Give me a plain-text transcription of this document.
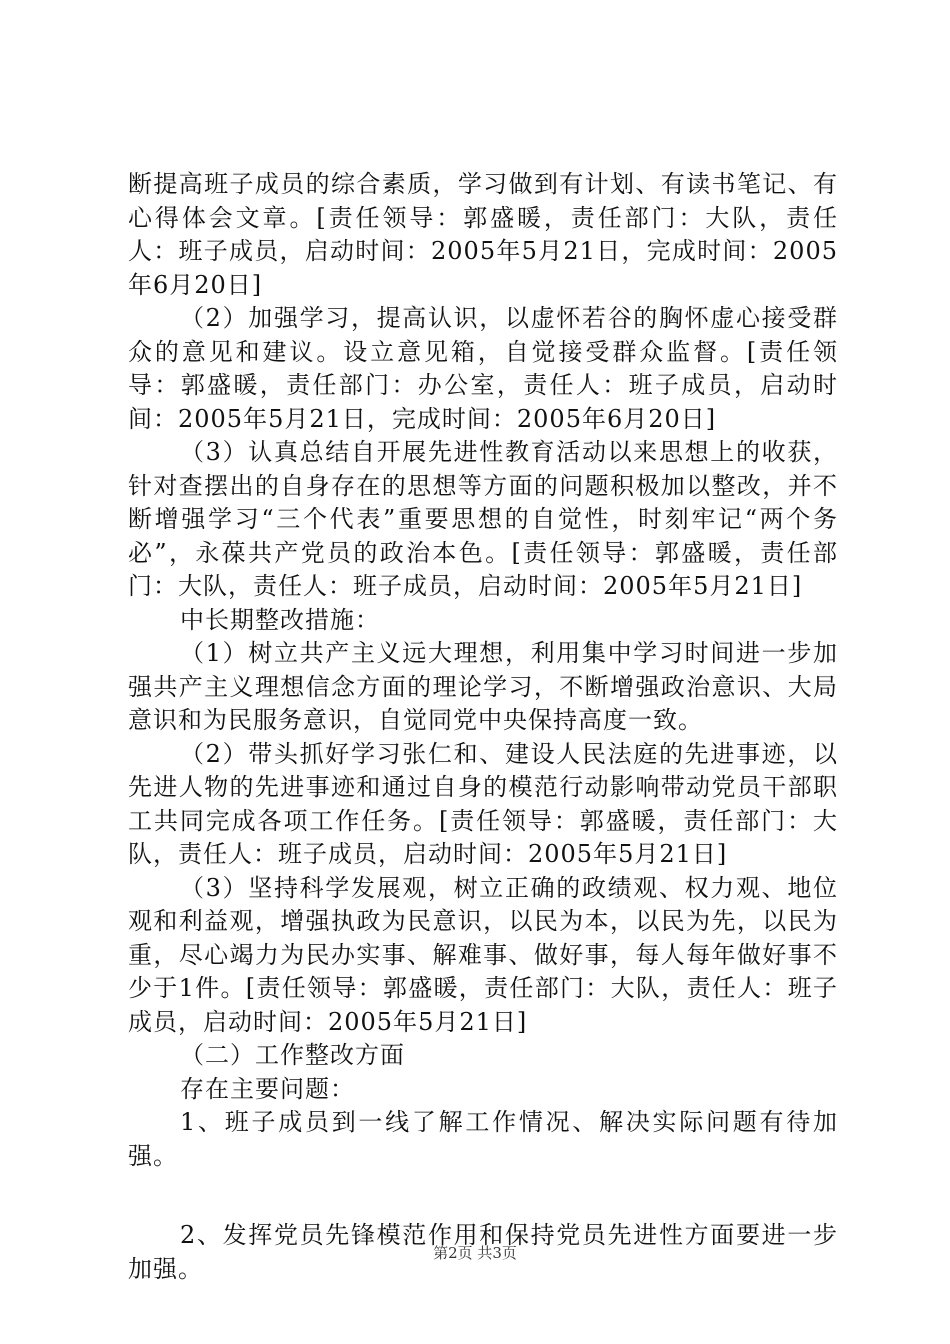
断提高班子成员的综合素质，学习做到有计划、有读书笔记、有心得体会文章。[责任领导：郭盛暖，责任部门：大队，责任人：班子成员，启动时间：2005年5月21日，完成时间：2005年6月20日]

（2）加强学习，提高认识，以虚怀若谷的胸怀虚心接受群众的意见和建议。设立意见箱，自觉接受群众监督。[责任领导：郭盛暖，责任部门：办公室，责任人：班子成员，启动时间：2005年5月21日，完成时间：2005年6月20日]

（3）认真总结自开展先进性教育活动以来思想上的收获，针对查摆出的自身存在的思想等方面的问题积极加以整改，并不断增强学习“三个代表”重要思想的自觉性，时刻牢记“两个务必”，永葆共产党员的政治本色。[责任领导：郭盛暖，责任部门：大队，责任人：班子成员，启动时间：2005年5月21日]

中长期整改措施：

（1）树立共产主义远大理想，利用集中学习时间进一步加强共产主义理想信念方面的理论学习，不断增强政治意识、大局意识和为民服务意识，自觉同党中央保持高度一致。

（2）带头抓好学习张仁和、建设人民法庭的先进事迹，以先进人物的先进事迹和通过自身的模范行动影响带动党员干部职工共同完成各项工作任务。[责任领导：郭盛暖，责任部门：大队，责任人：班子成员，启动时间：2005年5月21日]

（3）坚持科学发展观，树立正确的政绩观、权力观、地位观和利益观，增强执政为民意识，以民为本，以民为先，以民为重，尽心竭力为民办实事、解难事、做好事，每人每年做好事不少于1件。[责任领导：郭盛暖，责任部门：大队，责任人：班子成员，启动时间：2005年5月21日]

（二）工作整改方面

存在主要问题：

1、班子成员到一线了解工作情况、解决实际问题有待加强。

2、发挥党员先锋模范作用和保持党员先进性方面要进一步加强。

第2页 共3页
